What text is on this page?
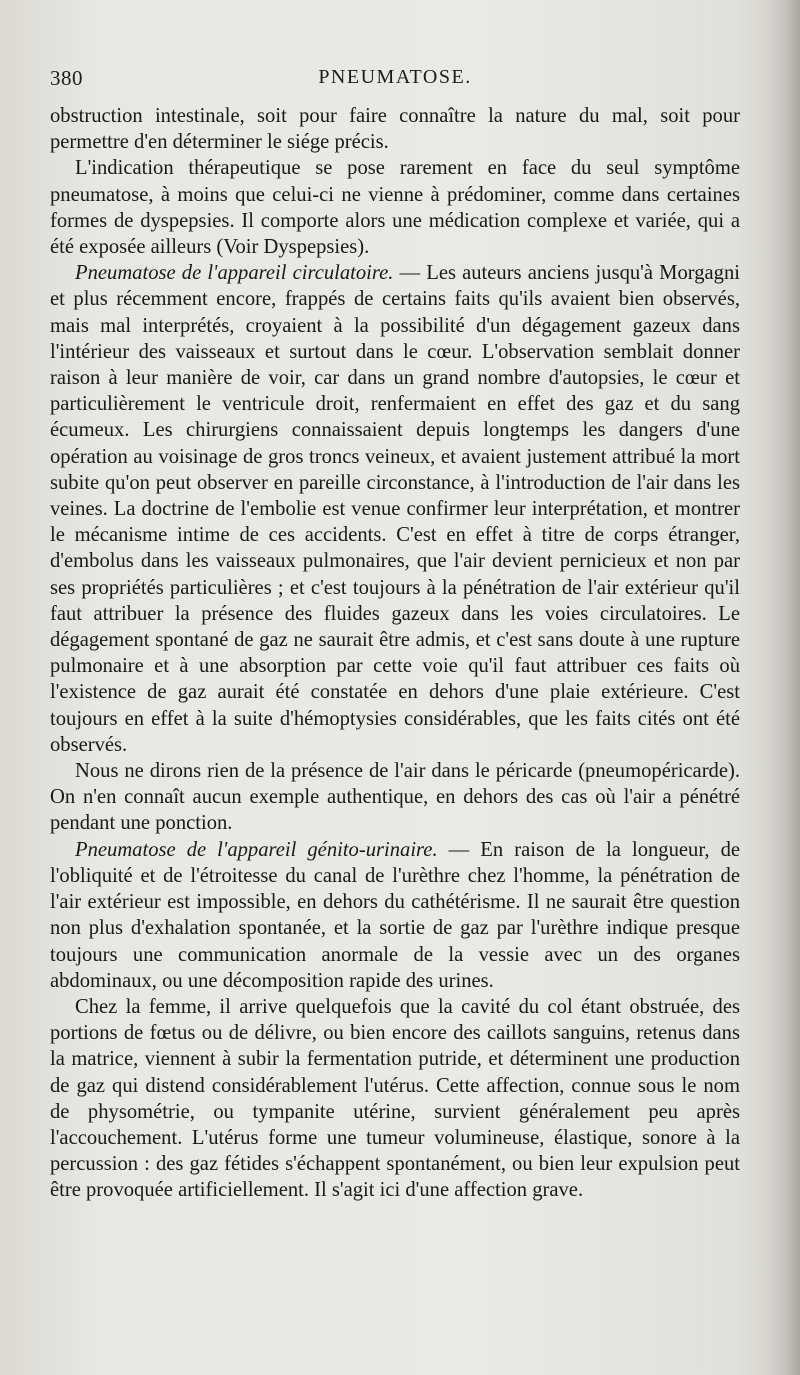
380	PNEUMATOSE.

obstruction intestinale, soit pour faire connaître la nature du mal, soit pour permettre d'en déterminer le siége précis.

L'indication thérapeutique se pose rarement en face du seul symptôme pneumatose, à moins que celui-ci ne vienne à prédominer, comme dans certaines formes de dyspepsies. Il comporte alors une médication complexe et variée, qui a été exposée ailleurs (Voir Dyspepsies).

Pneumatose de l'appareil circulatoire. — Les auteurs anciens jusqu'à Morgagni et plus récemment encore, frappés de certains faits qu'ils avaient bien observés, mais mal interprétés, croyaient à la possibilité d'un dégagement gazeux dans l'intérieur des vaisseaux et surtout dans le cœur. L'observation semblait donner raison à leur manière de voir, car dans un grand nombre d'autopsies, le cœur et particulièrement le ventricule droit, renfermaient en effet des gaz et du sang écumeux. Les chirurgiens connaissaient depuis longtemps les dangers d'une opération au voisinage de gros troncs veineux, et avaient justement attribué la mort subite qu'on peut observer en pareille circonstance, à l'introduction de l'air dans les veines. La doctrine de l'embolie est venue confirmer leur interprétation, et montrer le mécanisme intime de ces accidents. C'est en effet à titre de corps étranger, d'embolus dans les vaisseaux pulmonaires, que l'air devient pernicieux et non par ses propriétés particulières ; et c'est toujours à la pénétration de l'air extérieur qu'il faut attribuer la présence des fluides gazeux dans les voies circulatoires. Le dégagement spontané de gaz ne saurait être admis, et c'est sans doute à une rupture pulmonaire et à une absorption par cette voie qu'il faut attribuer ces faits où l'existence de gaz aurait été constatée en dehors d'une plaie extérieure. C'est toujours en effet à la suite d'hémoptysies considérables, que les faits cités ont été observés.

Nous ne dirons rien de la présence de l'air dans le péricarde (pneumopéricarde). On n'en connaît aucun exemple authentique, en dehors des cas où l'air a pénétré pendant une ponction.

Pneumatose de l'appareil génito-urinaire. — En raison de la longueur, de l'obliquité et de l'étroitesse du canal de l'urèthre chez l'homme, la pénétration de l'air extérieur est impossible, en dehors du cathétérisme. Il ne saurait être question non plus d'exhalation spontanée, et la sortie de gaz par l'urèthre indique presque toujours une communication anormale de la vessie avec un des organes abdominaux, ou une décomposition rapide des urines.

Chez la femme, il arrive quelquefois que la cavité du col étant obstruée, des portions de fœtus ou de délivre, ou bien encore des caillots sanguins, retenus dans la matrice, viennent à subir la fermentation putride, et déterminent une production de gaz qui distend considérablement l'utérus. Cette affection, connue sous le nom de physométrie, ou tympanite utérine, survient généralement peu après l'accouchement. L'utérus forme une tumeur volumineuse, élastique, sonore à la percussion : des gaz fétides s'échappent spontanément, ou bien leur expulsion peut être provoquée artificiellement. Il s'agit ici d'une affection grave.
